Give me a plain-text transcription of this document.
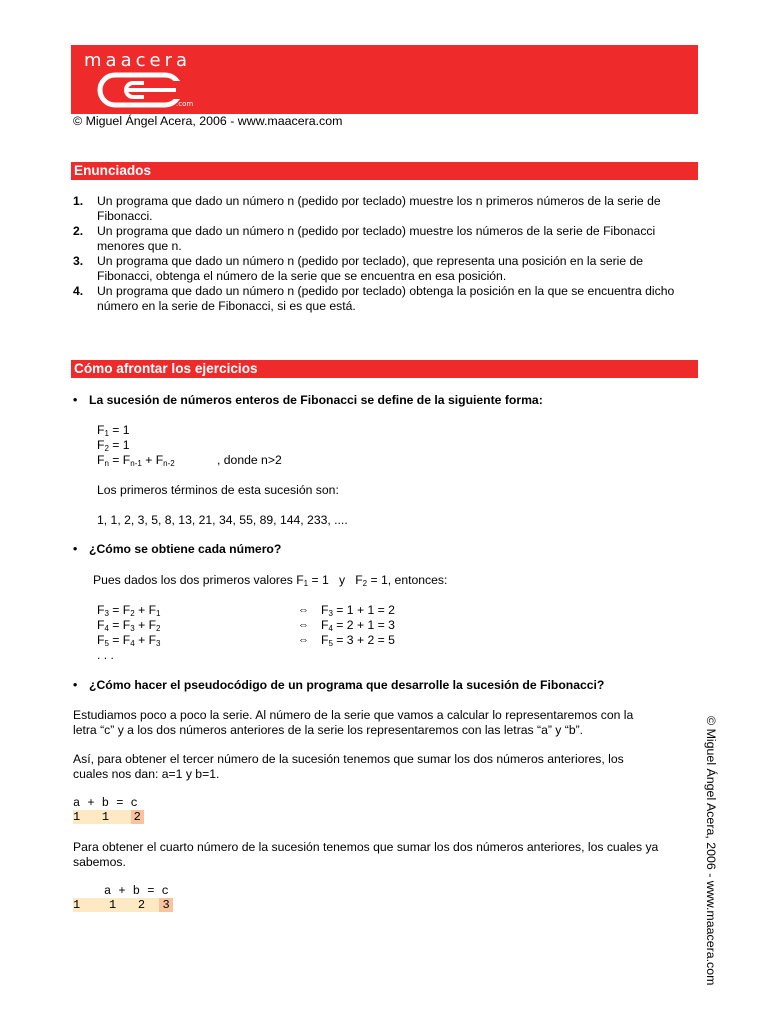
maacera
.com
© Miguel Ángel Acera, 2006 - www.maacera.com
Enunciados
1. Un programa que dado un número n (pedido por teclado) muestre los n primeros números de la serie de Fibonacci.
2. Un programa que dado un número n (pedido por teclado) muestre los números de la serie de Fibonacci menores que n.
3. Un programa que dado un número n (pedido por teclado), que representa una posición en la serie de Fibonacci, obtenga el número de la serie que se encuentra en esa posición.
4. Un programa que dado un número n (pedido por teclado) obtenga la posición en la que se encuentra dicho número en la serie de Fibonacci, si es que está.
Cómo afrontar los ejercicios
• La sucesión de números enteros de Fibonacci se define de la siguiente forma:
$F_1 = 1$
$F_2 = 1$
$F_n = F_{n-1} + F_{n-2}$	, donde n>2
Los primeros términos de esta sucesión son:
1, 1, 2, 3, 5, 8, 13, 21, 34, 55, 89, 144, 233, ....
• ¿Cómo se obtiene cada número?
Pues dados los dos primeros valores $F_1 = 1$   y   $F_2 = 1$, entonces:
$F_3 = F_2 + F_1$	⇔ $F_3 = 1 + 1 = 2$
$F_4 = F_3 + F_2$	⇔ $F_4 = 2 + 1 = 3$
$F_5 = F_4 + F_3$	⇔ $F_5 = 3 + 2 = 5$
. . .
• ¿Cómo hacer el pseudocódigo de un programa que desarrolle la sucesión de Fibonacci?
Estudiamos poco a poco la serie. Al número de la serie que vamos a calcular lo representaremos con la
letra “c” y a los dos números anteriores de la serie los representaremos con las letras “a” y “b”.
Así, para obtener el tercer número de la sucesión tenemos que sumar los dos números anteriores, los
cuales nos dan: a=1 y b=1.
a + b = c
1 1 2
Para obtener el cuarto número de la sucesión tenemos que sumar los dos números anteriores, los cuales ya
sabemos.
a + b = c
1 1 2 3	© Miguel Ángel Acera, 2006 - www.maacera.com
